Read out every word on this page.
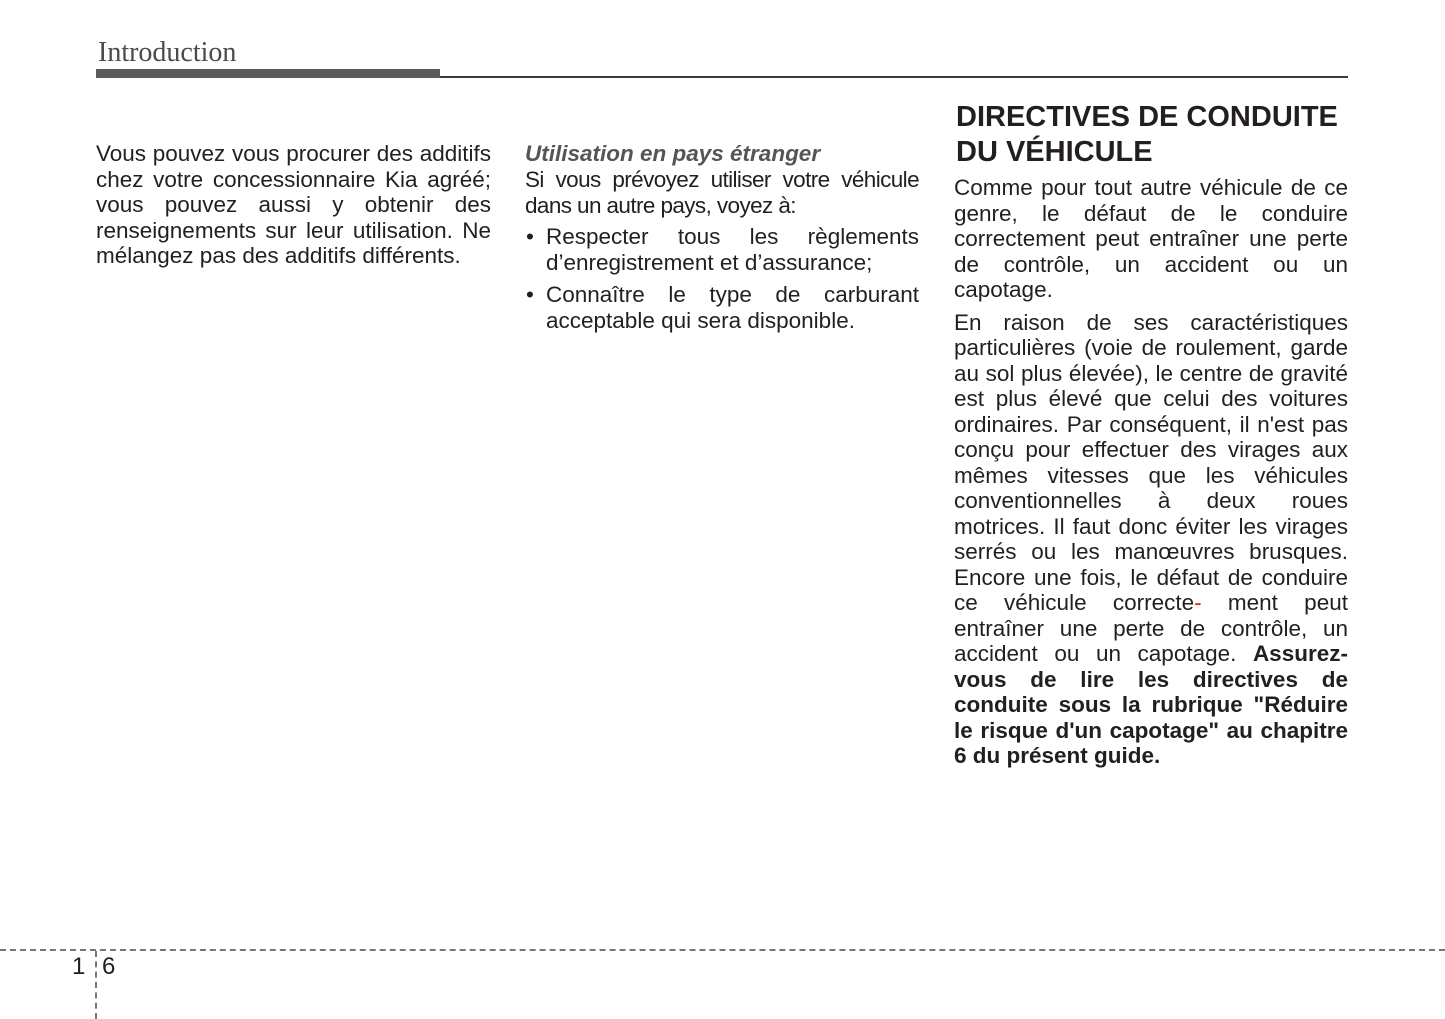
Introduction

Vous pouvez vous procurer des additifs chez votre concessionnaire Kia agréé; vous pouvez aussi y obtenir des renseignements sur leur utilisation. Ne mélangez pas des additifs différents.

Utilisation en pays étranger

Si vous prévoyez utiliser votre véhicule dans un autre pays, voyez à:

• Respecter tous les règlements d’enregistrement et d’assurance;
• Connaître le type de carburant acceptable qui sera disponible.
DIRECTIVES DE CONDUITE
DU VÉHICULE

Comme pour tout autre véhicule de ce genre, le défaut de le conduire correctement peut entraîner une perte de contrôle, un accident ou un capotage.

En raison de ses caractéristiques particulières (voie de roulement, garde au sol plus élevée), le centre de gravité est plus élevé que celui des voitures ordinaires. Par conséquent, il n'est pas conçu pour effectuer des virages aux mêmes vitesses que les véhicules conventionnelles à deux roues motrices. Il faut donc éviter les virages serrés ou les manœuvres brusques. Encore une fois, le défaut de conduire ce véhicule correcte- ment peut entraîner une perte de contrôle, un accident ou un capotage. Assurez-vous de lire les directives de conduite sous la rubrique "Réduire le risque d'un capotage" au chapitre 6 du présent guide.

1 6
